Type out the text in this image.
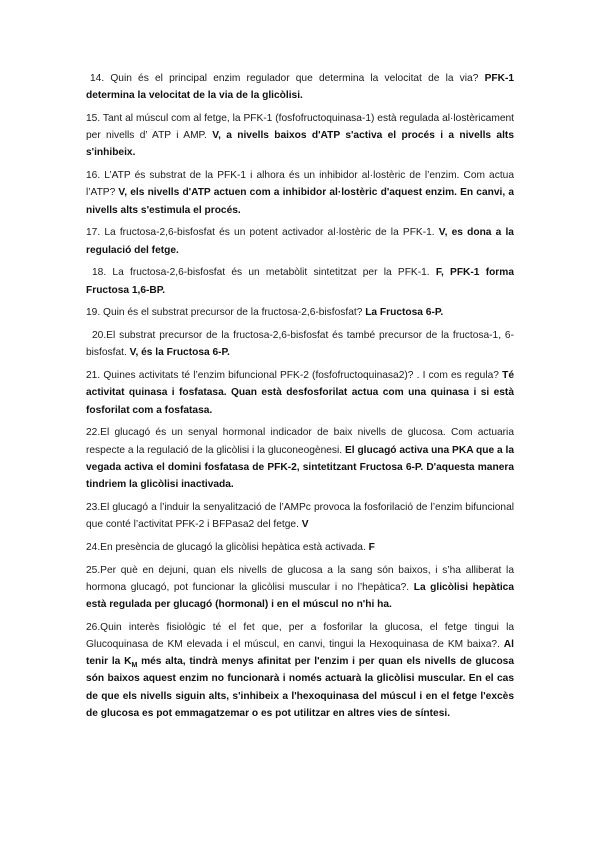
14. Quin és el principal enzim regulador que determina la velocitat de la via? PFK-1 determina la velocitat de la via de la glicòlisi.

15. Tant al múscul com al fetge, la PFK-1 (fosfofructoquinasa-1) està regulada al·lostèricament per nivells d’ ATP i AMP. V, a nivells baixos d'ATP s'activa el procés i a nivells alts s'inhibeix.

16. L’ATP és substrat de la PFK-1 i alhora és un inhibidor al·lostèric de l’enzim. Com actua l’ATP? V, els nivells d'ATP actuen com a inhibidor al·lostèric d'aquest enzim. En canvi, a nivells alts s'estimula el procés.

17. La fructosa-2,6-bisfosfat és un potent activador al·lostèric de la PFK-1. V, es dona a la regulació del fetge.

18. La fructosa-2,6-bisfosfat és un metabòlit sintetitzat per la PFK-1. F, PFK-1 forma Fructosa 1,6-BP.

19. Quin és el substrat precursor de la fructosa-2,6-bisfosfat? La Fructosa 6-P.

20.El substrat precursor de la fructosa-2,6-bisfosfat és també precursor de la fructosa-1, 6-bisfosfat. V, és la Fructosa 6-P.

21. Quines activitats té l’enzim bifuncional PFK-2 (fosfofructoquinasa2)? . I com es regula? Té activitat quinasa i fosfatasa. Quan està desfosforilat actua com una quinasa i si està fosforilat com a fosfatasa.

22.El glucagó és un senyal hormonal indicador de baix nivells de glucosa. Com actuaria respecte a la regulació de la glicòlisi i la gluconeogènesi. El glucagó activa una PKA que a la vegada activa el domini fosfatasa de PFK-2, sintetitzant Fructosa 6-P. D'aquesta manera tindriem la glicòlisi inactivada.

23.El glucagó a l’induir la senyalització de l’AMPc provoca la fosforilació de l’enzim bifuncional que conté l’activitat PFK-2 i BFPasa2 del fetge. V

24.En presència de glucagó la glicòlisi hepàtica està activada. F

25.Per què en dejuni, quan els nivells de glucosa a la sang són baixos, i s’ha alliberat la hormona glucagó, pot funcionar la glicòlisi muscular i no l’hepàtica?. La glicòlisi hepàtica està regulada per glucagó (hormonal) i en el múscul no n'hi ha.

26.Quin interès fisiològic té el fet que, per a fosforilar la glucosa, el fetge tingui la Glucoquinasa de KM elevada i el múscul, en canvi, tingui la Hexoquinasa de KM baixa?. Al tenir la $K_M$ més alta, tindrà menys afinitat per l'enzim i per quan els nivells de glucosa són baixos aquest enzim no funcionarà i només actuarà la glicòlisi muscular. En el cas de que els nivells siguin alts, s'inhibeix a l'hexoquinasa del múscul i en el fetge l'excès de glucosa es pot emmagatzemar o es pot utilitzar en altres vies de síntesi.
